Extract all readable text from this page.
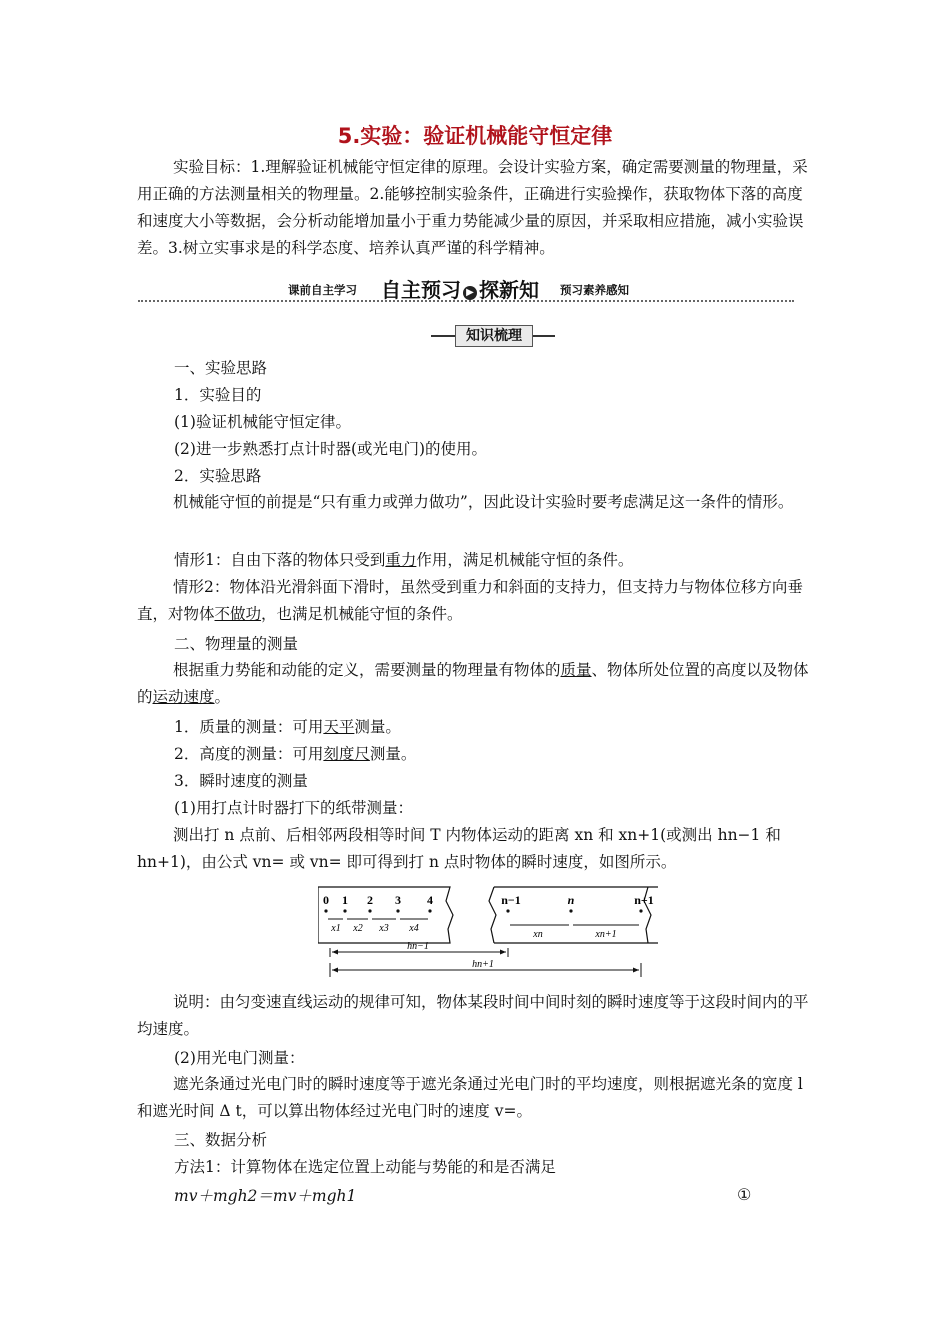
5.实验：验证机械能守恒定律
实验目标：1.理解验证机械能守恒定律的原理。会设计实验方案，确定需要测量的物理量，采用正确的方法测量相关的物理量。2.能够控制实验条件，正确进行实验操作，获取物体下落的高度和速度大小等数据，会分析动能增加量小于重力势能减少量的原因，并采取相应措施，减小实验误差。3.树立实事求是的科学态度、培养认真严谨的科学精神。
课前自主学习 自主预习 ▶ 探新知 预习素养感知
知识梳理
一、实验思路
1．实验目的
(1)验证机械能守恒定律。
(2)进一步熟悉打点计时器(或光电门)的使用。
2．实验思路
机械能守恒的前提是“只有重力或弹力做功”，因此设计实验时要考虑满足这一条件的情形。
情形1：自由下落的物体只受到重力作用，满足机械能守恒的条件。
情形2：物体沿光滑斜面下滑时，虽然受到重力和斜面的支持力，但支持力与物体位移方向垂直，对物体不做功，也满足机械能守恒的条件。
二、物理量的测量
根据重力势能和动能的定义，需要测量的物理量有物体的质量、物体所处位置的高度以及物体的运动速度。
1．质量的测量：可用天平测量。
2．高度的测量：可用刻度尺测量。
3．瞬时速度的测量
(1)用打点计时器打下的纸带测量：
测出打 n 点前、后相邻两段相等时间 T 内物体运动的距离 xn 和 xn+1(或测出 hn−1 和 hn+1)，由公式 vn= 或 vn= 即可得到打 n 点时物体的瞬时速度，如图所示。
0 1 2 3 4
x1 x2 x3 x4
n−1	n	n+1
xn	xn+1
hn−1
hn+1
说明：由匀变速直线运动的规律可知，物体某段时间中间时刻的瞬时速度等于这段时间内的平均速度。
(2)用光电门测量：
遮光条通过光电门时的瞬时速度等于遮光条通过光电门时的平均速度，则根据遮光条的宽度 l 和遮光时间 Δ t，可以算出物体经过光电门时的速度 v=。
三、数据分析
方法1：计算物体在选定位置上动能与势能的和是否满足
mv＋mgh2＝mv＋mgh1	①
